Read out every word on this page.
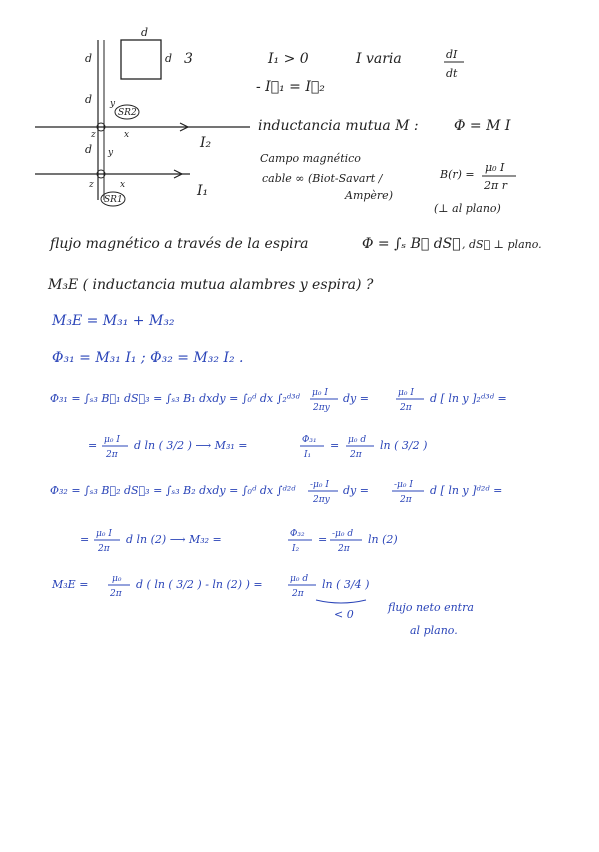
d
d 3
d
d
d
SR2
SR1
y
x
z
y
x
z
I₂
I₁
I₁ > 0	I varia	dI
dt
- I⃗₁ = I⃗₂
inductancia mutua M :	Φ = M I
Campo magnético
cable ∞ (Biot-Savart /
Ampère)
B(r) =
μ₀ I
2π r
(⊥ al plano)
flujo magnético a través de la espira	Φ = ∫ₛ B⃗ dS⃗ , dS⃗ ⊥ plano.
M₃E ( inductancia mutua alambres y espira) ?
M₃E = M₃₁ + M₃₂
Φ₃₁ = M₃₁ I₁ ; Φ₃₂ = M₃₂ I₂ .
Φ₃₁ = ∫ₛ₃ B⃗₁ dS⃗₃ = ∫ₛ₃ B₁ dxdy = ∫₀ᵈ dx ∫₂ᵈ³ᵈ μ₀ I
2πy
dy =	μ₀ I
2π
d [ ln y ]₂ᵈ³ᵈ =
= μ₀ I
2π
d ln ( 3/2 ) ⟶ M₃₁ =	Φ₃₁
I₁
= μ₀ d
2π
ln ( 3/2 )
Φ₃₂ = ∫ₛ₃ B⃗₂ dS⃗₃ = ∫ₛ₃ B₂ dxdy = ∫₀ᵈ dx ∫ᵈ²ᵈ -μ₀ I
2πy
dy =	-μ₀ I
2π
d [ ln y ]ᵈ²ᵈ =
= μ₀ I
2π
d ln (2) ⟶ M₃₂ =	Φ₃₂
I₂
= -μ₀ d
2π
ln (2)
M₃E =	μ₀
2π
d ( ln ( 3/2 ) - ln (2) ) =	μ₀ d
2π
ln ( 3/4 )
< 0
flujo neto entra
al plano.
